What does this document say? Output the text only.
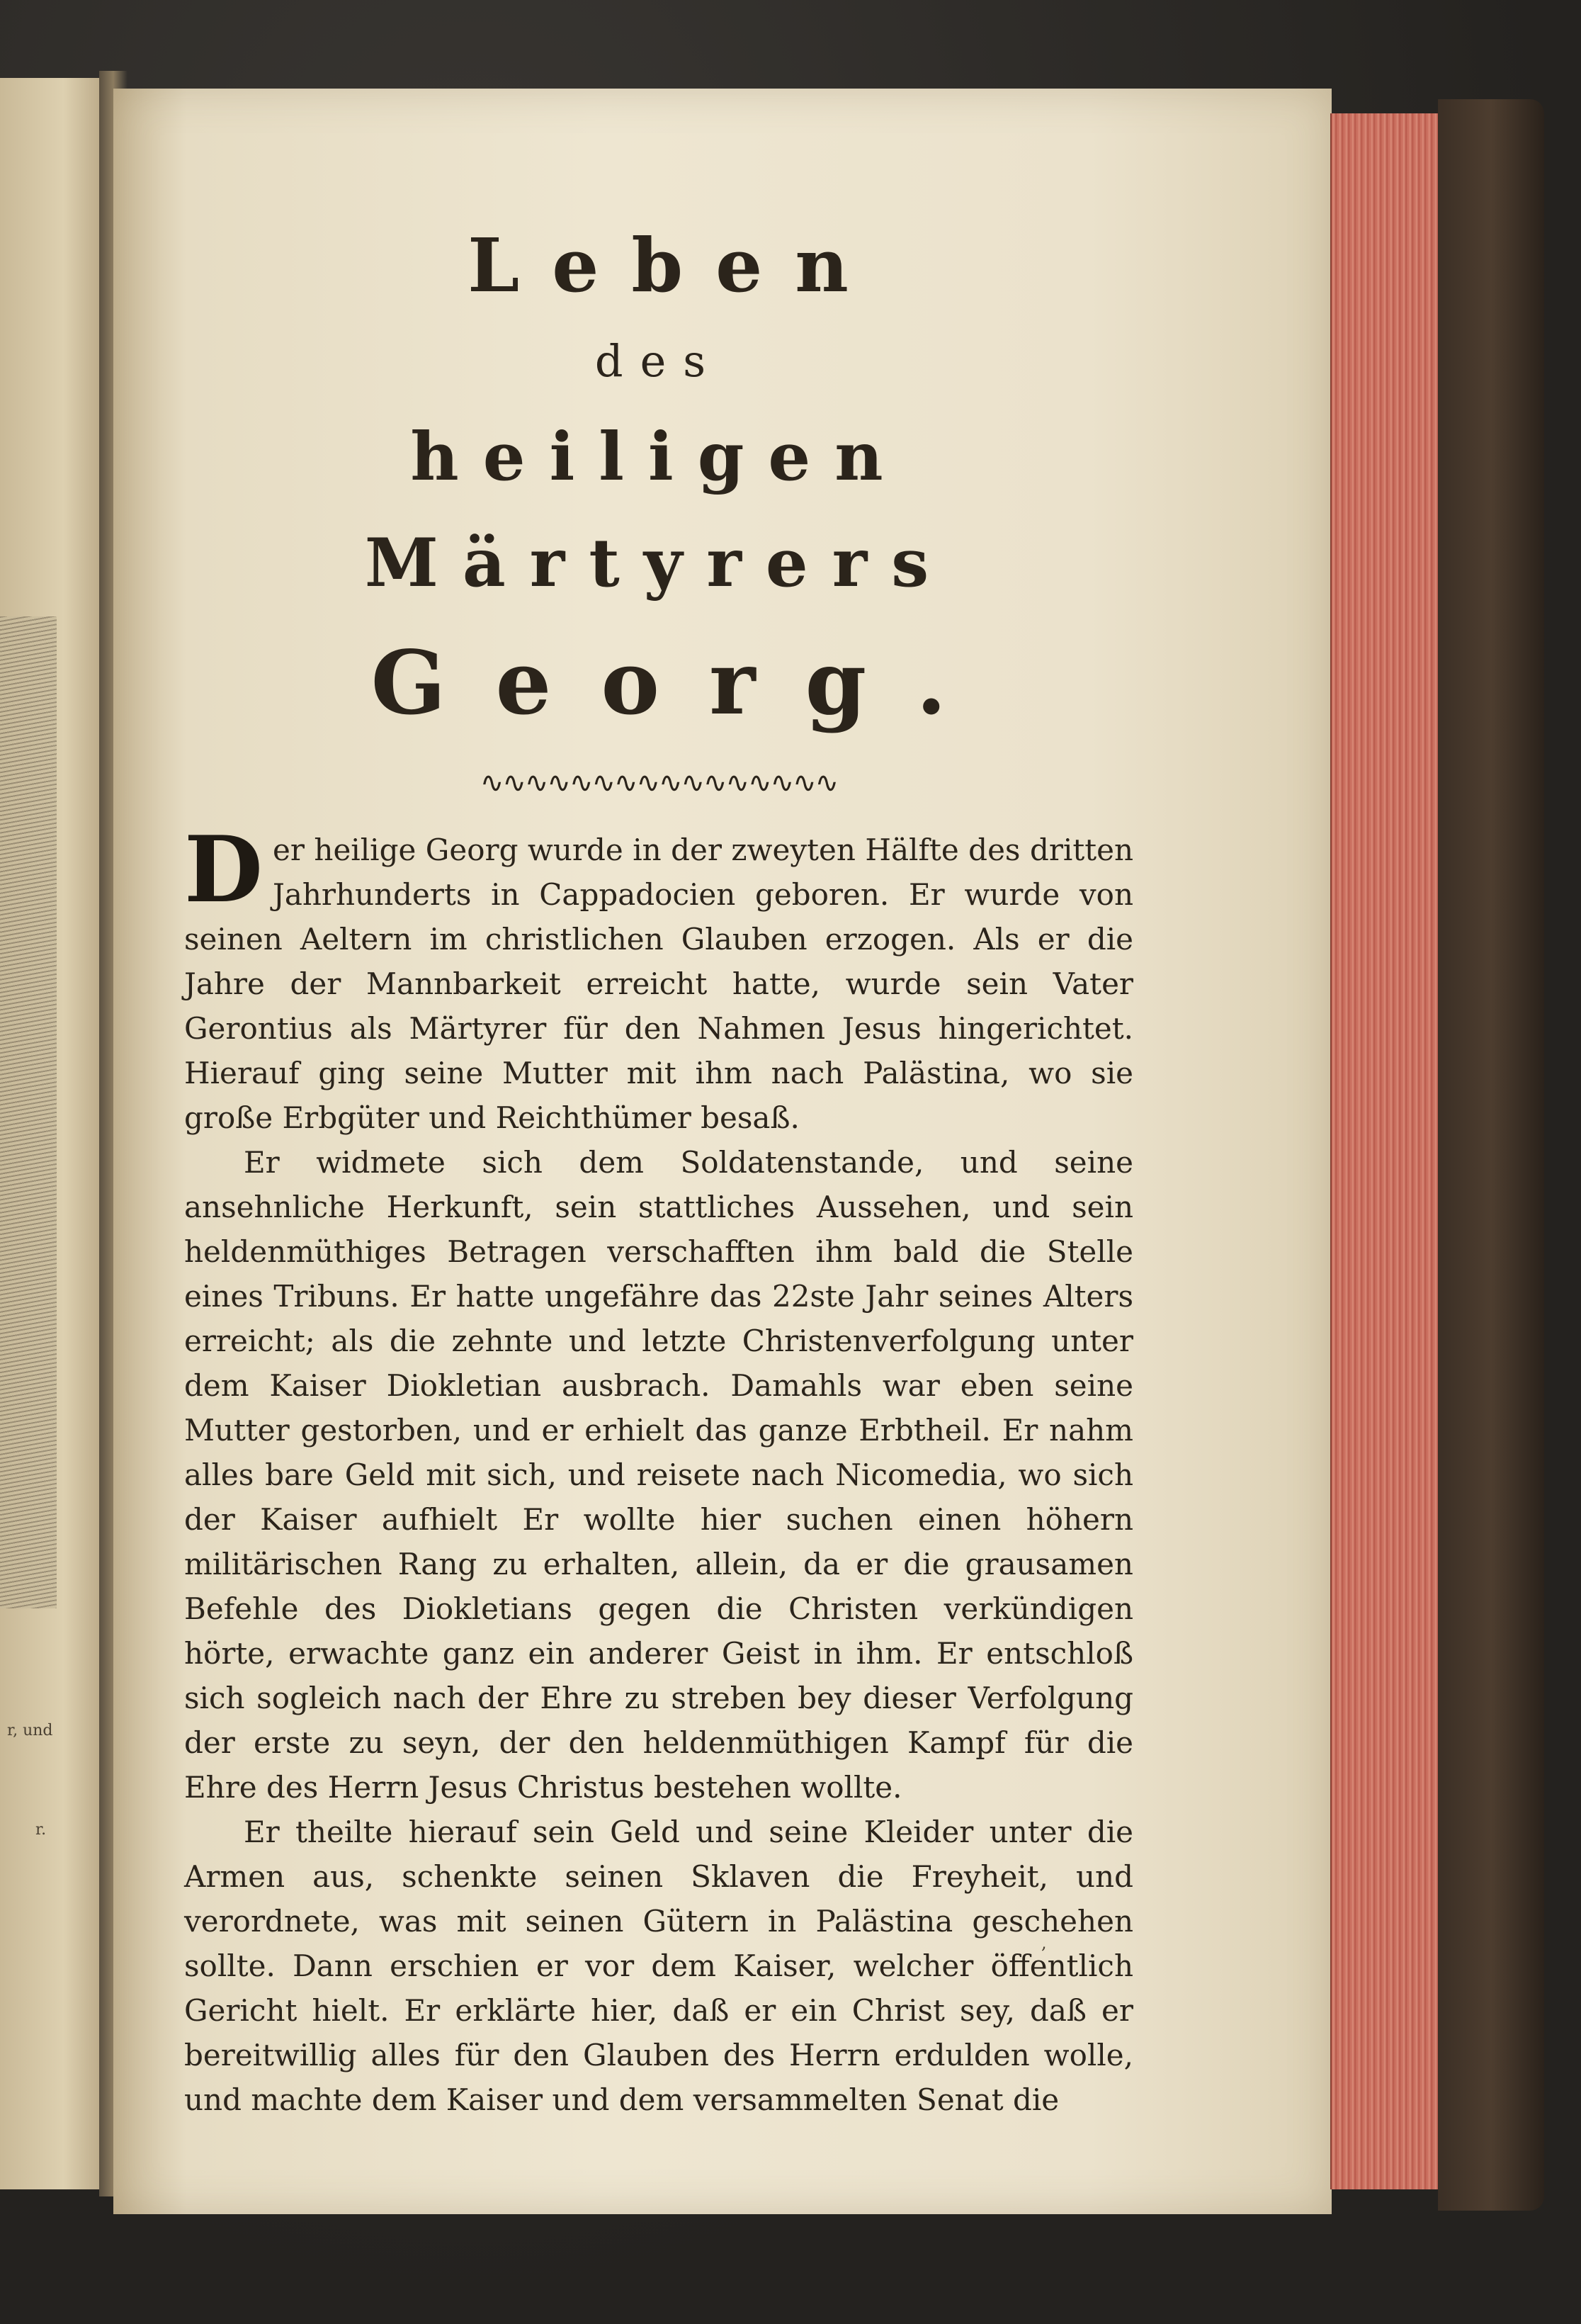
r, und
r.

Leben

des

heiligen Märtyrers

Georg.

∿∿∿∿∿∿∿∿∿∿∿∿∿∿∿∿

Der heilige Georg wurde in der zweyten Hälfte des dritten Jahrhunderts in Cappadocien geboren. Er wurde von seinen Aeltern im christlichen Glauben erzogen. Als er die Jahre der Mannbarkeit erreicht hatte, wurde sein Vater Gerontius als Märtyrer für den Nahmen Jesus hingerichtet. Hierauf ging seine Mutter mit ihm nach Palästina, wo sie große Erbgüter und Reichthümer besaß.

Er widmete sich dem Soldatenstande, und seine ansehnliche Herkunft, sein stattliches Aussehen, und sein heldenmüthiges Betragen verschafften ihm bald die Stelle eines Tribuns. Er hatte ungefähre das 22ste Jahr seines Alters erreicht; als die zehnte und letzte Christenverfolgung unter dem Kaiser Diokletian ausbrach. Damahls war eben seine Mutter gestorben, und er erhielt das ganze Erbtheil. Er nahm alles bare Geld mit sich, und reisete nach Nicomedia, wo sich der Kaiser aufhielt Er wollte hier suchen einen höhern militärischen Rang zu erhalten, allein, da er die grausamen Befehle des Diokletians gegen die Christen verkündigen hörte, erwachte ganz ein anderer Geist in ihm. Er entschloß sich sogleich nach der Ehre zu streben bey dieser Verfolgung der erste zu seyn, der den heldenmüthigen Kampf für die Ehre des Herrn Jesus Christus bestehen wollte.

Er theilte hierauf sein Geld und seine Kleider unter die Armen aus, schenkte seinen Sklaven die Freyheit, und verordnete, was mit seinen Gütern in Palästina geschehen sollte. Dann erschien er vor dem Kaiser, welcher öffentlich Gericht hielt. Er erklärte hier, daß er ein Christ sey, daß er bereitwillig alles für den Glauben des Herrn erdulden wolle, und machte dem Kaiser und dem versammelten Senat die

,
